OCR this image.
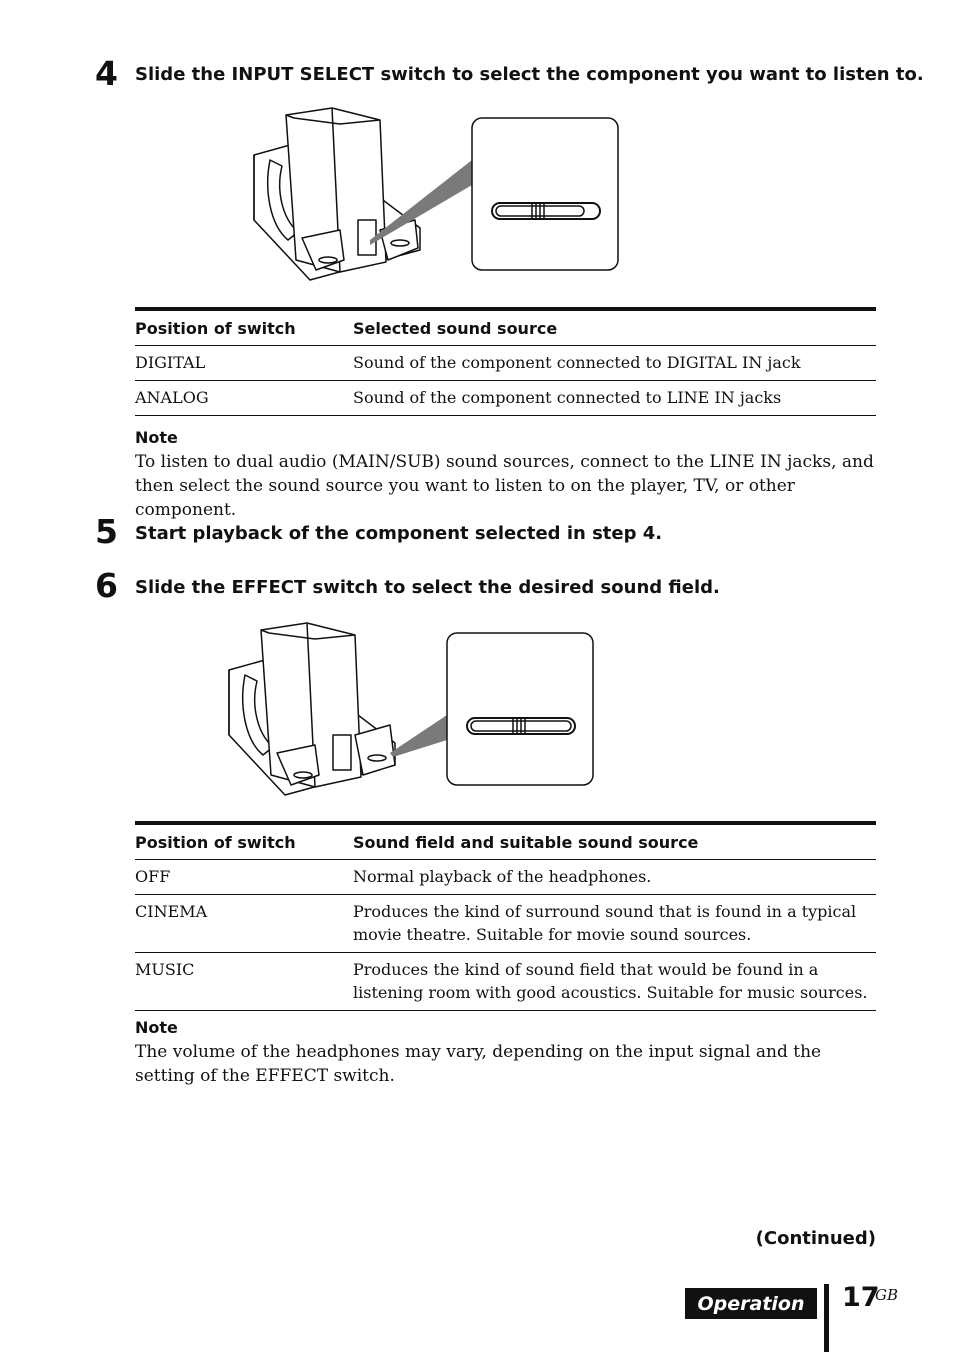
4 Slide the INPUT SELECT switch to select the component you want to listen to.
Position of switch	Selected sound source
DIGITAL	Sound of the component connected to DIGITAL IN jack
ANALOG	Sound of the component connected to LINE IN jacks
Note
To listen to dual audio (MAIN/SUB) sound sources, connect to the LINE IN jacks, and then select the sound source you want to listen to on the player, TV, or other component.
5 Start playback of the component selected in step 4.
6 Slide the EFFECT switch to select the desired sound field.
Position of switch	Sound field and suitable sound source
OFF	Normal playback of the headphones.
CINEMA	Produces the kind of surround sound that is found in a typical movie theatre. Suitable for movie sound sources.
MUSIC	Produces the kind of sound field that would be found in a listening room with good acoustics. Suitable for music sources.
Note
The volume of the headphones may vary, depending on the input signal and the setting of the EFFECT switch.
(Continued)
Operation	17
GB
